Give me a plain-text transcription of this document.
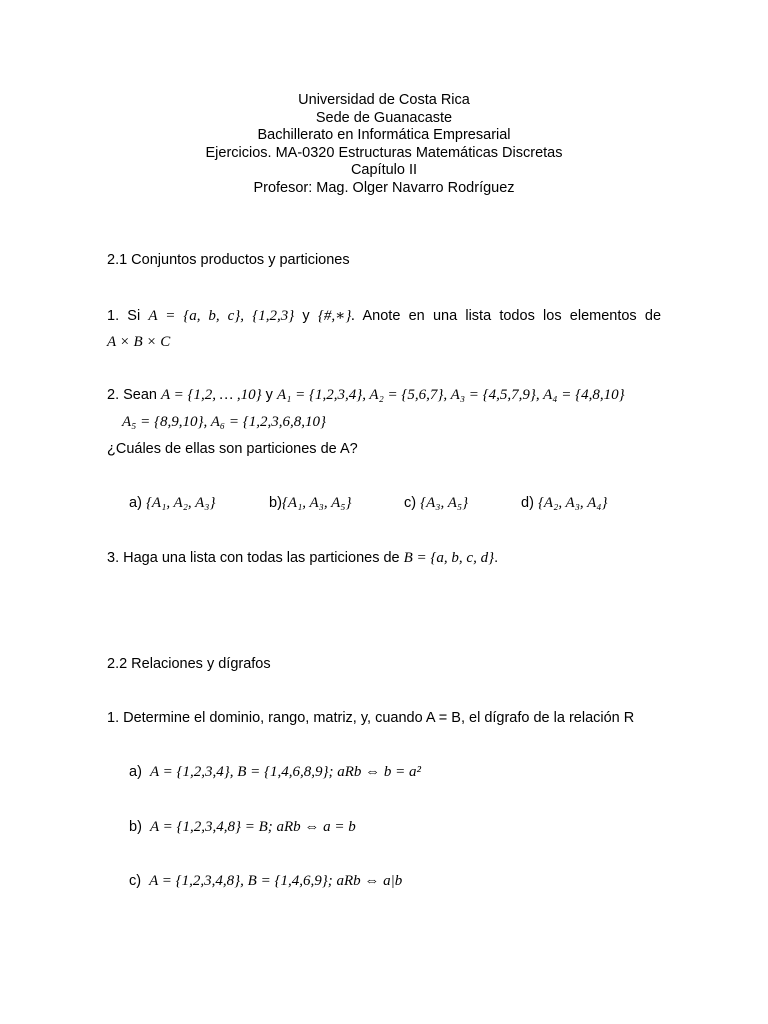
Universidad de Costa Rica
Sede de Guanacaste
Bachillerato en Informática Empresarial
Ejercicios. MA-0320 Estructuras Matemáticas Discretas
Capítulo II
Profesor: Mag. Olger Navarro Rodríguez
2.1 Conjuntos productos y particiones
1. Si A = {a, b, c}, {1,2,3} y {#,∗}. Anote en una lista todos los elementos de
A × B × C
2. Sean A = {1,2, … ,10} y A₁ = {1,2,3,4}, A₂ = {5,6,7}, A₃ = {4,5,7,9}, A₄ = {4,8,10}
A₅ = {8,9,10}, A₆ = {1,2,3,6,8,10}
¿Cuáles de ellas son particiones de A?
a) {A₁, A₂, A₃}	b){A₁, A₃, A₅}	c) {A₃, A₅}	d) {A₂, A₃, A₄}
3. Haga una lista con todas las particiones de B = {a, b, c, d}.
2.2 Relaciones y dígrafos
1. Determine el dominio, rango, matriz, y, cuando A = B, el dígrafo de la relación R
a) A = {1,2,3,4}, B = {1,4,6,8,9}; aRb ⇔ b = a²
b) A = {1,2,3,4,8} = B; aRb ⇔ a = b
c) A = {1,2,3,4,8}, B = {1,4,6,9}; aRb ⇔ a|b
